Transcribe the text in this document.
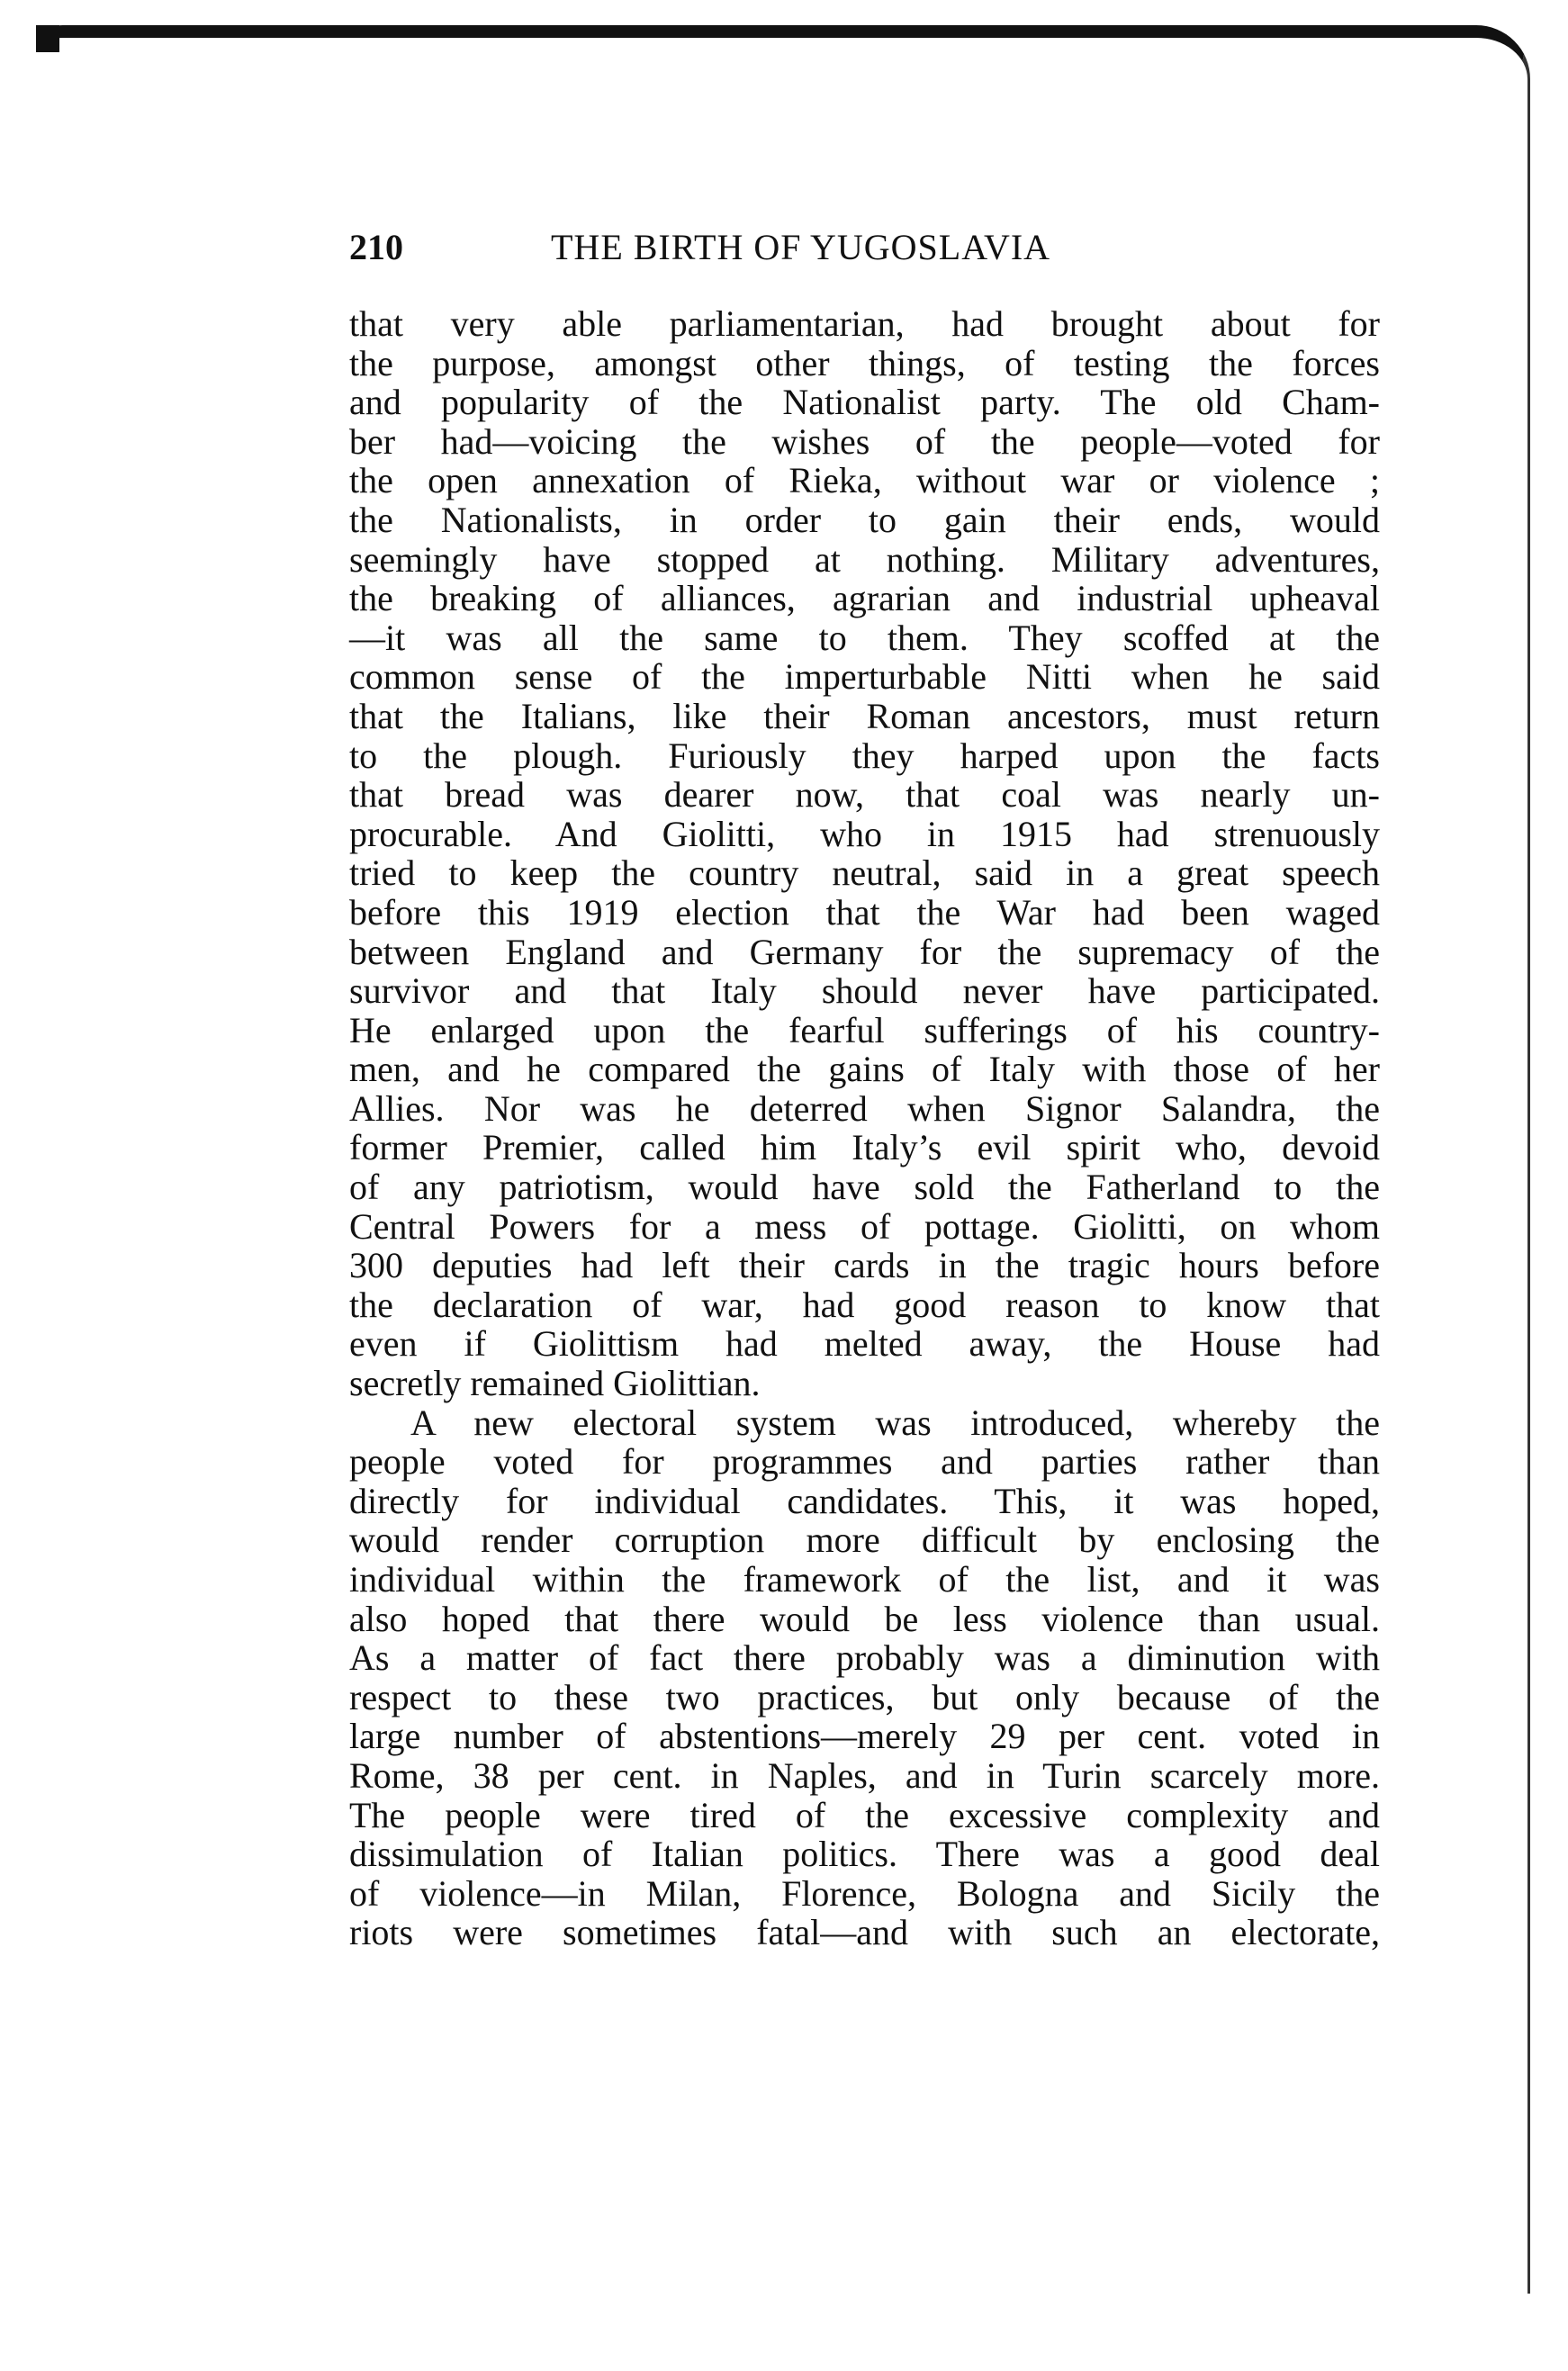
210	THE BIRTH OF YUGOSLAVIA
that very able parliamentarian, had brought about for
the purpose, amongst other things, of testing the forces
and popularity of the Nationalist party. The old Cham-
ber had—voicing the wishes of the people—voted for
the open annexation of Rieka, without war or violence ;
the Nationalists, in order to gain their ends, would
seemingly have stopped at nothing. Military adventures,
the breaking of alliances, agrarian and industrial upheaval
—it was all the same to them. They scoffed at the
common sense of the imperturbable Nitti when he said
that the Italians, like their Roman ancestors, must return
to the plough. Furiously they harped upon the facts
that bread was dearer now, that coal was nearly un-
procurable. And Giolitti, who in 1915 had strenuously
tried to keep the country neutral, said in a great speech
before this 1919 election that the War had been waged
between England and Germany for the supremacy of the
survivor and that Italy should never have participated.
He enlarged upon the fearful sufferings of his country-
men, and he compared the gains of Italy with those of her
Allies. Nor was he deterred when Signor Salandra, the
former Premier, called him Italy’s evil spirit who, devoid
of any patriotism, would have sold the Fatherland to the
Central Powers for a mess of pottage. Giolitti, on whom
300 deputies had left their cards in the tragic hours before
the declaration of war, had good reason to know that
even if Giolittism had melted away, the House had
secretly remained Giolittian.
A new electoral system was introduced, whereby the
people voted for programmes and parties rather than
directly for individual candidates. This, it was hoped,
would render corruption more difficult by enclosing the
individual within the framework of the list, and it was
also hoped that there would be less violence than usual.
As a matter of fact there probably was a diminution with
respect to these two practices, but only because of the
large number of abstentions—merely 29 per cent. voted in
Rome, 38 per cent. in Naples, and in Turin scarcely more.
The people were tired of the excessive complexity and
dissimulation of Italian politics. There was a good deal
of violence—in Milan, Florence, Bologna and Sicily the
riots were sometimes fatal—and with such an electorate,
